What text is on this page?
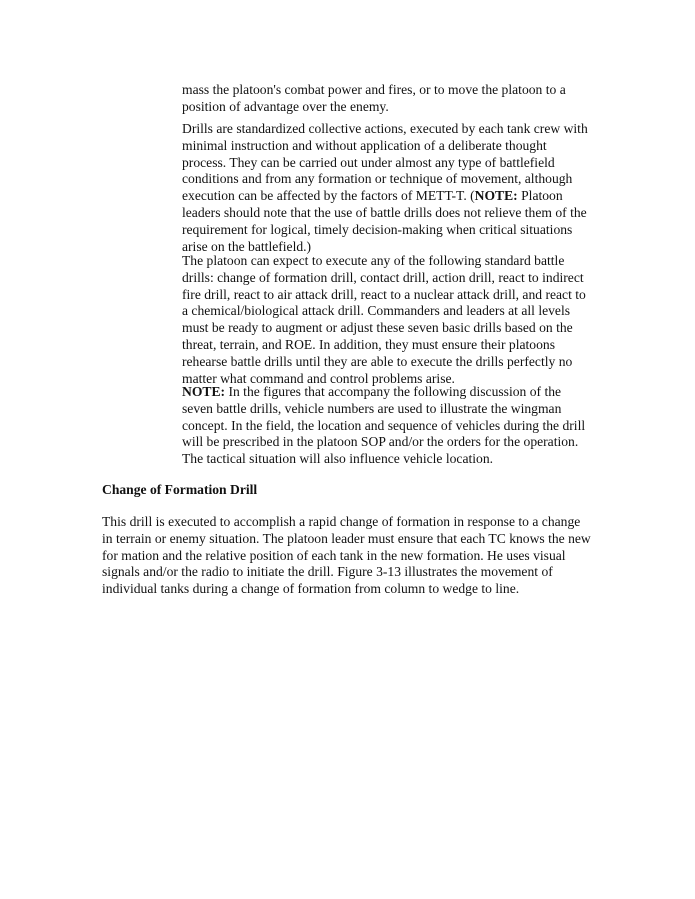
mass the platoon's combat power and fires, or to move the platoon to a
position of advantage over the enemy.
Drills are standardized collective actions, executed by each tank crew with
minimal instruction and without application of a deliberate thought
process. They can be carried out under almost any type of battlefield
conditions and from any formation or technique of movement, although
execution can be affected by the factors of METT-T. (NOTE: Platoon
leaders should note that the use of battle drills does not relieve them of the
requirement for logical, timely decision-making when critical situations
arise on the battlefield.)
The platoon can expect to execute any of the following standard battle
drills: change of formation drill, contact drill, action drill, react to indirect
fire drill, react to air attack drill, react to a nuclear attack drill, and react to
a chemical/biological attack drill. Commanders and leaders at all levels
must be ready to augment or adjust these seven basic drills based on the
threat, terrain, and ROE. In addition, they must ensure their platoons
rehearse battle drills until they are able to execute the drills perfectly no
matter what command and control problems arise.
NOTE: In the figures that accompany the following discussion of the
seven battle drills, vehicle numbers are used to illustrate the wingman
concept. In the field, the location and sequence of vehicles during the drill
will be prescribed in the platoon SOP and/or the orders for the operation.
The tactical situation will also influence vehicle location.
Change of Formation Drill
This drill is executed to accomplish a rapid change of formation in response to a change
in terrain or enemy situation. The platoon leader must ensure that each TC knows the new
for mation and the relative position of each tank in the new formation. He uses visual
signals and/or the radio to initiate the drill. Figure 3-13 illustrates the movement of
individual tanks during a change of formation from column to wedge to line.
